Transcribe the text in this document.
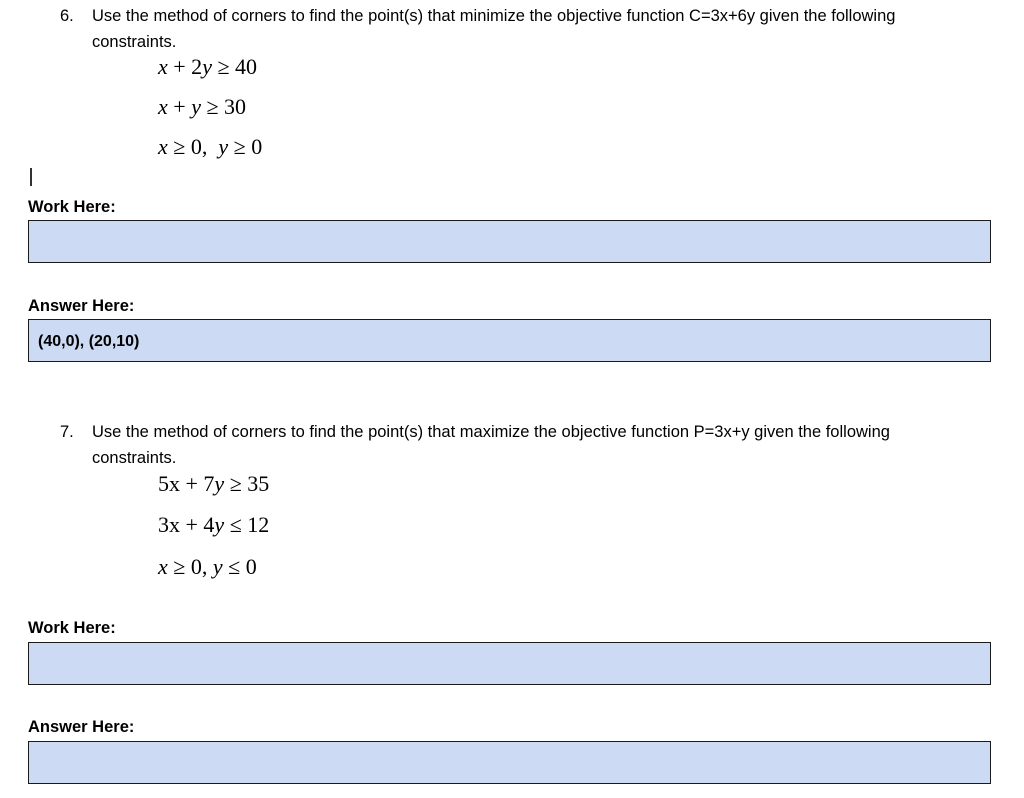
6. Use the method of corners to find the point(s) that minimize the objective function C=3x+6y given the following
constraints.
x + 2y ≥ 40
x + y ≥ 30
x ≥ 0, y ≥ 0
Work Here:
Answer Here:
(40,0), (20,10)
7. Use the method of corners to find the point(s) that maximize the objective function P=3x+y given the following
constraints.
5x + 7y ≥ 35
3x + 4y ≤ 12
x ≥ 0, y ≤ 0
Work Here:
Answer Here:
